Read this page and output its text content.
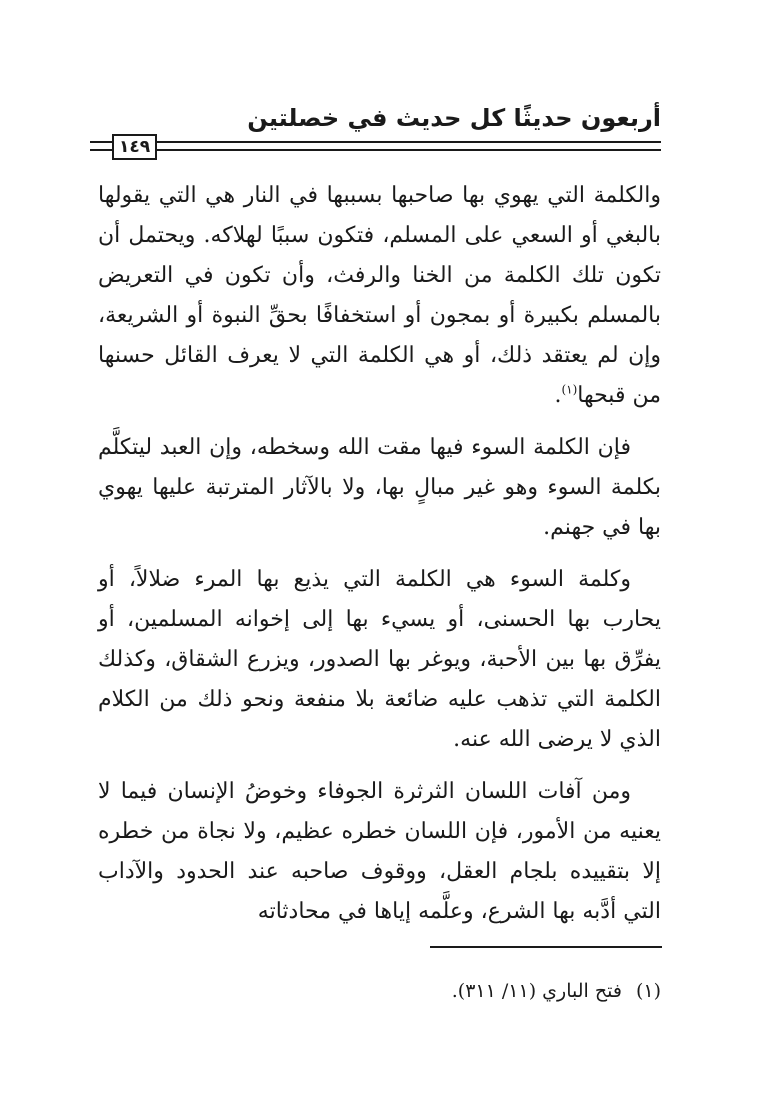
أربعون حديثًا كل حديث في خصلتين
١٤٩

والكلمة التي يهوي بها صاحبها بسببها في النار هي التي يقولها بالبغي أو السعي على المسلم، فتكون سببًا لهلاكه. ويحتمل أن تكون تلك الكلمة من الخنا والرفث، وأن تكون في التعريض بالمسلم بكبيرة أو بمجون أو استخفافًا بحقِّ النبوة أو الشريعة، وإن لم يعتقد ذلك، أو هي الكلمة التي لا يعرف القائل حسنها من قبحها$^{(١)}$.

فإن الكلمة السوء فيها مقت الله وسخطه، وإن العبد ليتكلَّم بكلمة السوء وهو غير مبالٍ بها، ولا بالآثار المترتبة عليها يهوي بها في جهنم.

وكلمة السوء هي الكلمة التي يذيع بها المرء ضلالاً، أو يحارب بها الحسنى، أو يسيء بها إلى إخوانه المسلمين، أو يفرِّق بها بين الأحبة، ويوغر بها الصدور، ويزرع الشقاق، وكذلك الكلمة التي تذهب عليه ضائعة بلا منفعة ونحو ذلك من الكلام الذي لا يرضى الله عنه.

ومن آفات اللسان الثرثرة الجوفاء وخوضُ الإنسان فيما لا يعنيه من الأمور، فإن اللسان خطره عظيم، ولا نجاة من خطره إلا بتقييده بلجام العقل، ووقوف صاحبه عند الحدود والآداب التي أدَّبه بها الشرع، وعلَّمه إياها في محادثاته

(١)فتح الباري (١١/ ٣١١).
